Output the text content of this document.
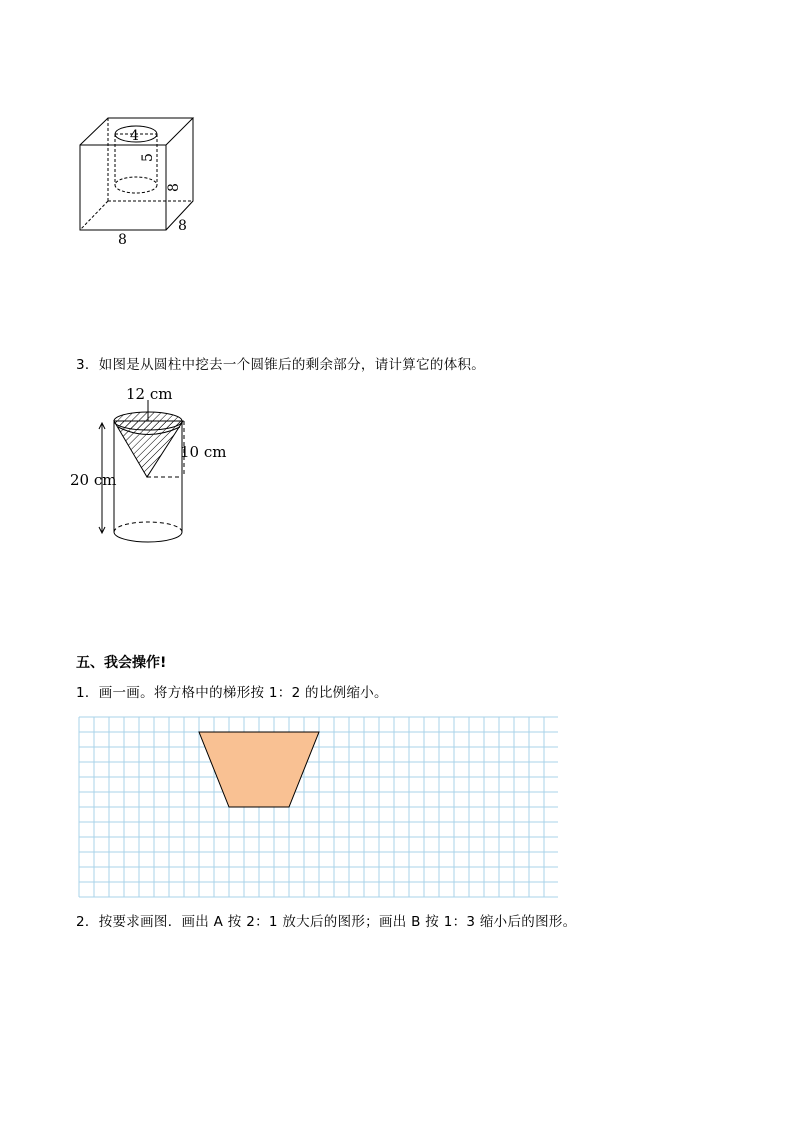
4
5
8
8
8
3．如图是从圆柱中挖去一个圆锥后的剩余部分，请计算它的体积。
12 cm
10 cm
20 cm
五、我会操作!
1．画一画。将方格中的梯形按 1：2 的比例缩小。
2．按要求画图．画出 A 按 2：1 放大后的图形；画出 B 按 1：3 缩小后的图形。
